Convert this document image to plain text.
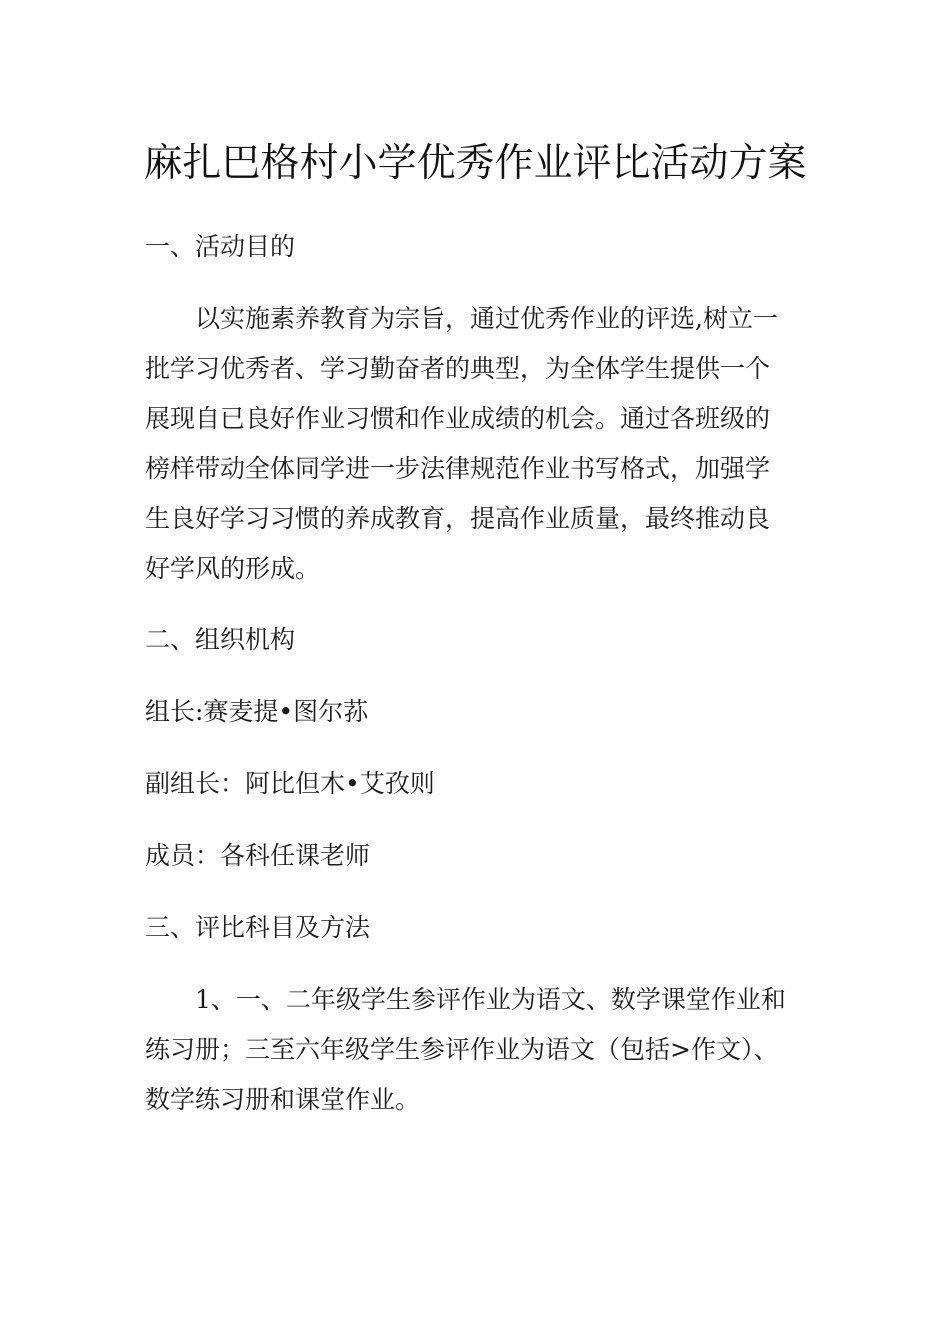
麻扎巴格村小学优秀作业评比活动方案

一、活动目的

以实施素养教育为宗旨，通过优秀作业的评选,树立一
批学习优秀者、学习勤奋者的典型，为全体学生提供一个
展现自已良好作业习惯和作业成绩的机会。通过各班级的
榜样带动全体同学进一步法律规范作业书写格式，加强学
生良好学习习惯的养成教育，提高作业质量，最终推动良
好学风的形成。

二、组织机构

组长:赛麦提•图尔荪

副组长：阿比但木•艾孜则

成员：各科任课老师

三、评比科目及方法

1、一、二年级学生参评作业为语文、数学课堂作业和
练习册；三至六年级学生参评作业为语文（包括>作文）、
数学练习册和课堂作业。
